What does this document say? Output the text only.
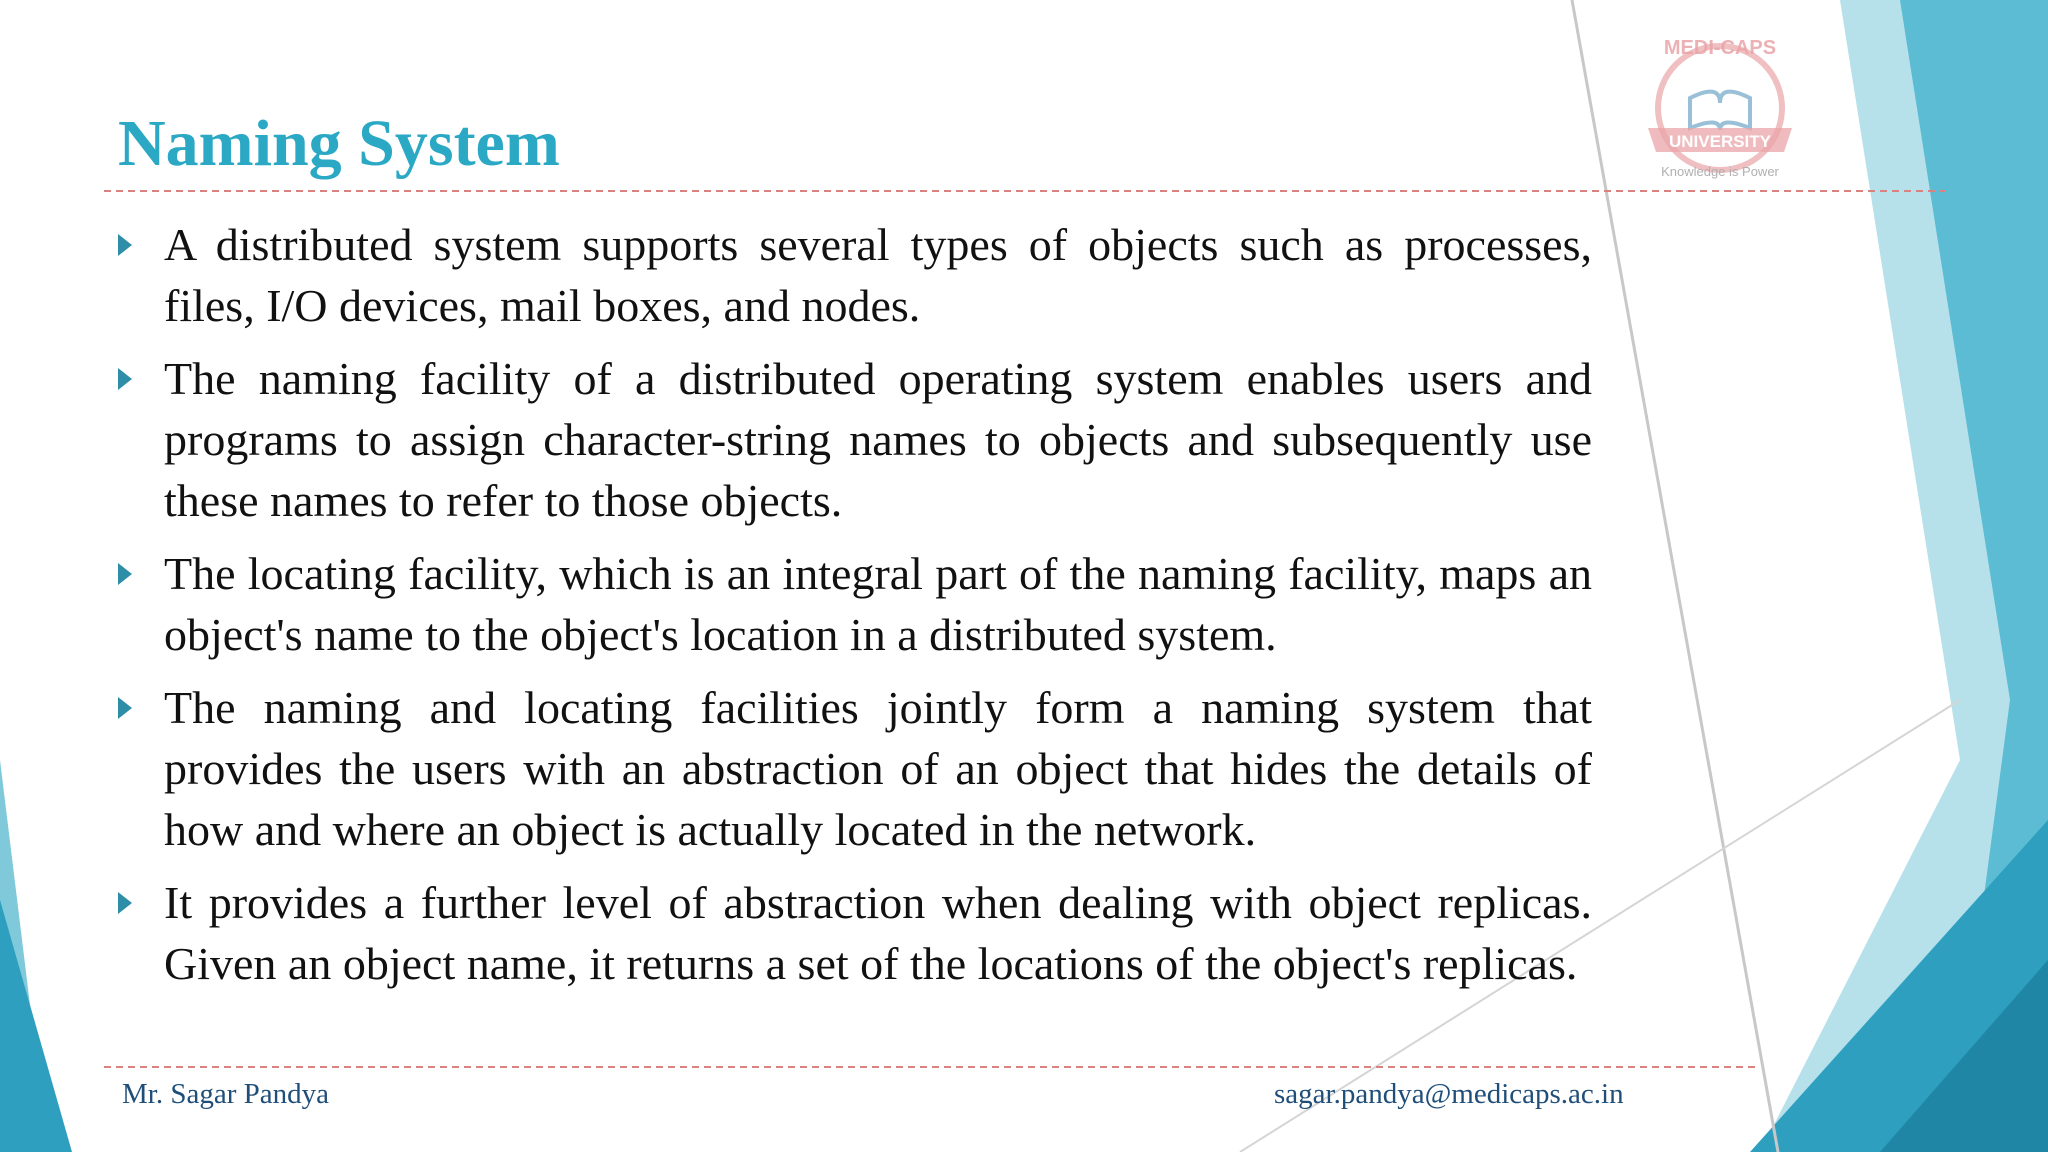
MEDI-CAPS
UNIVERSITY
Knowledge is Power
Naming System
A distributed system supports several types of objects such as processes, files, I/O devices, mail boxes, and nodes.
The naming facility of a distributed operating system enables users and programs to assign character-string names to objects and subsequently use these names to refer to those objects.
The locating facility, which is an integral part of the naming facility, maps an object's name to the object's location in a distributed system.
The naming and locating facilities jointly form a naming system that provides the users with an abstraction of an object that hides the details of how and where an object is actually located in the network.
It provides a further level of abstraction when dealing with object replicas. Given an object name, it returns a set of the locations of the object's replicas.
Mr. Sagar Pandya	sagar.pandya@medicaps.ac.in
